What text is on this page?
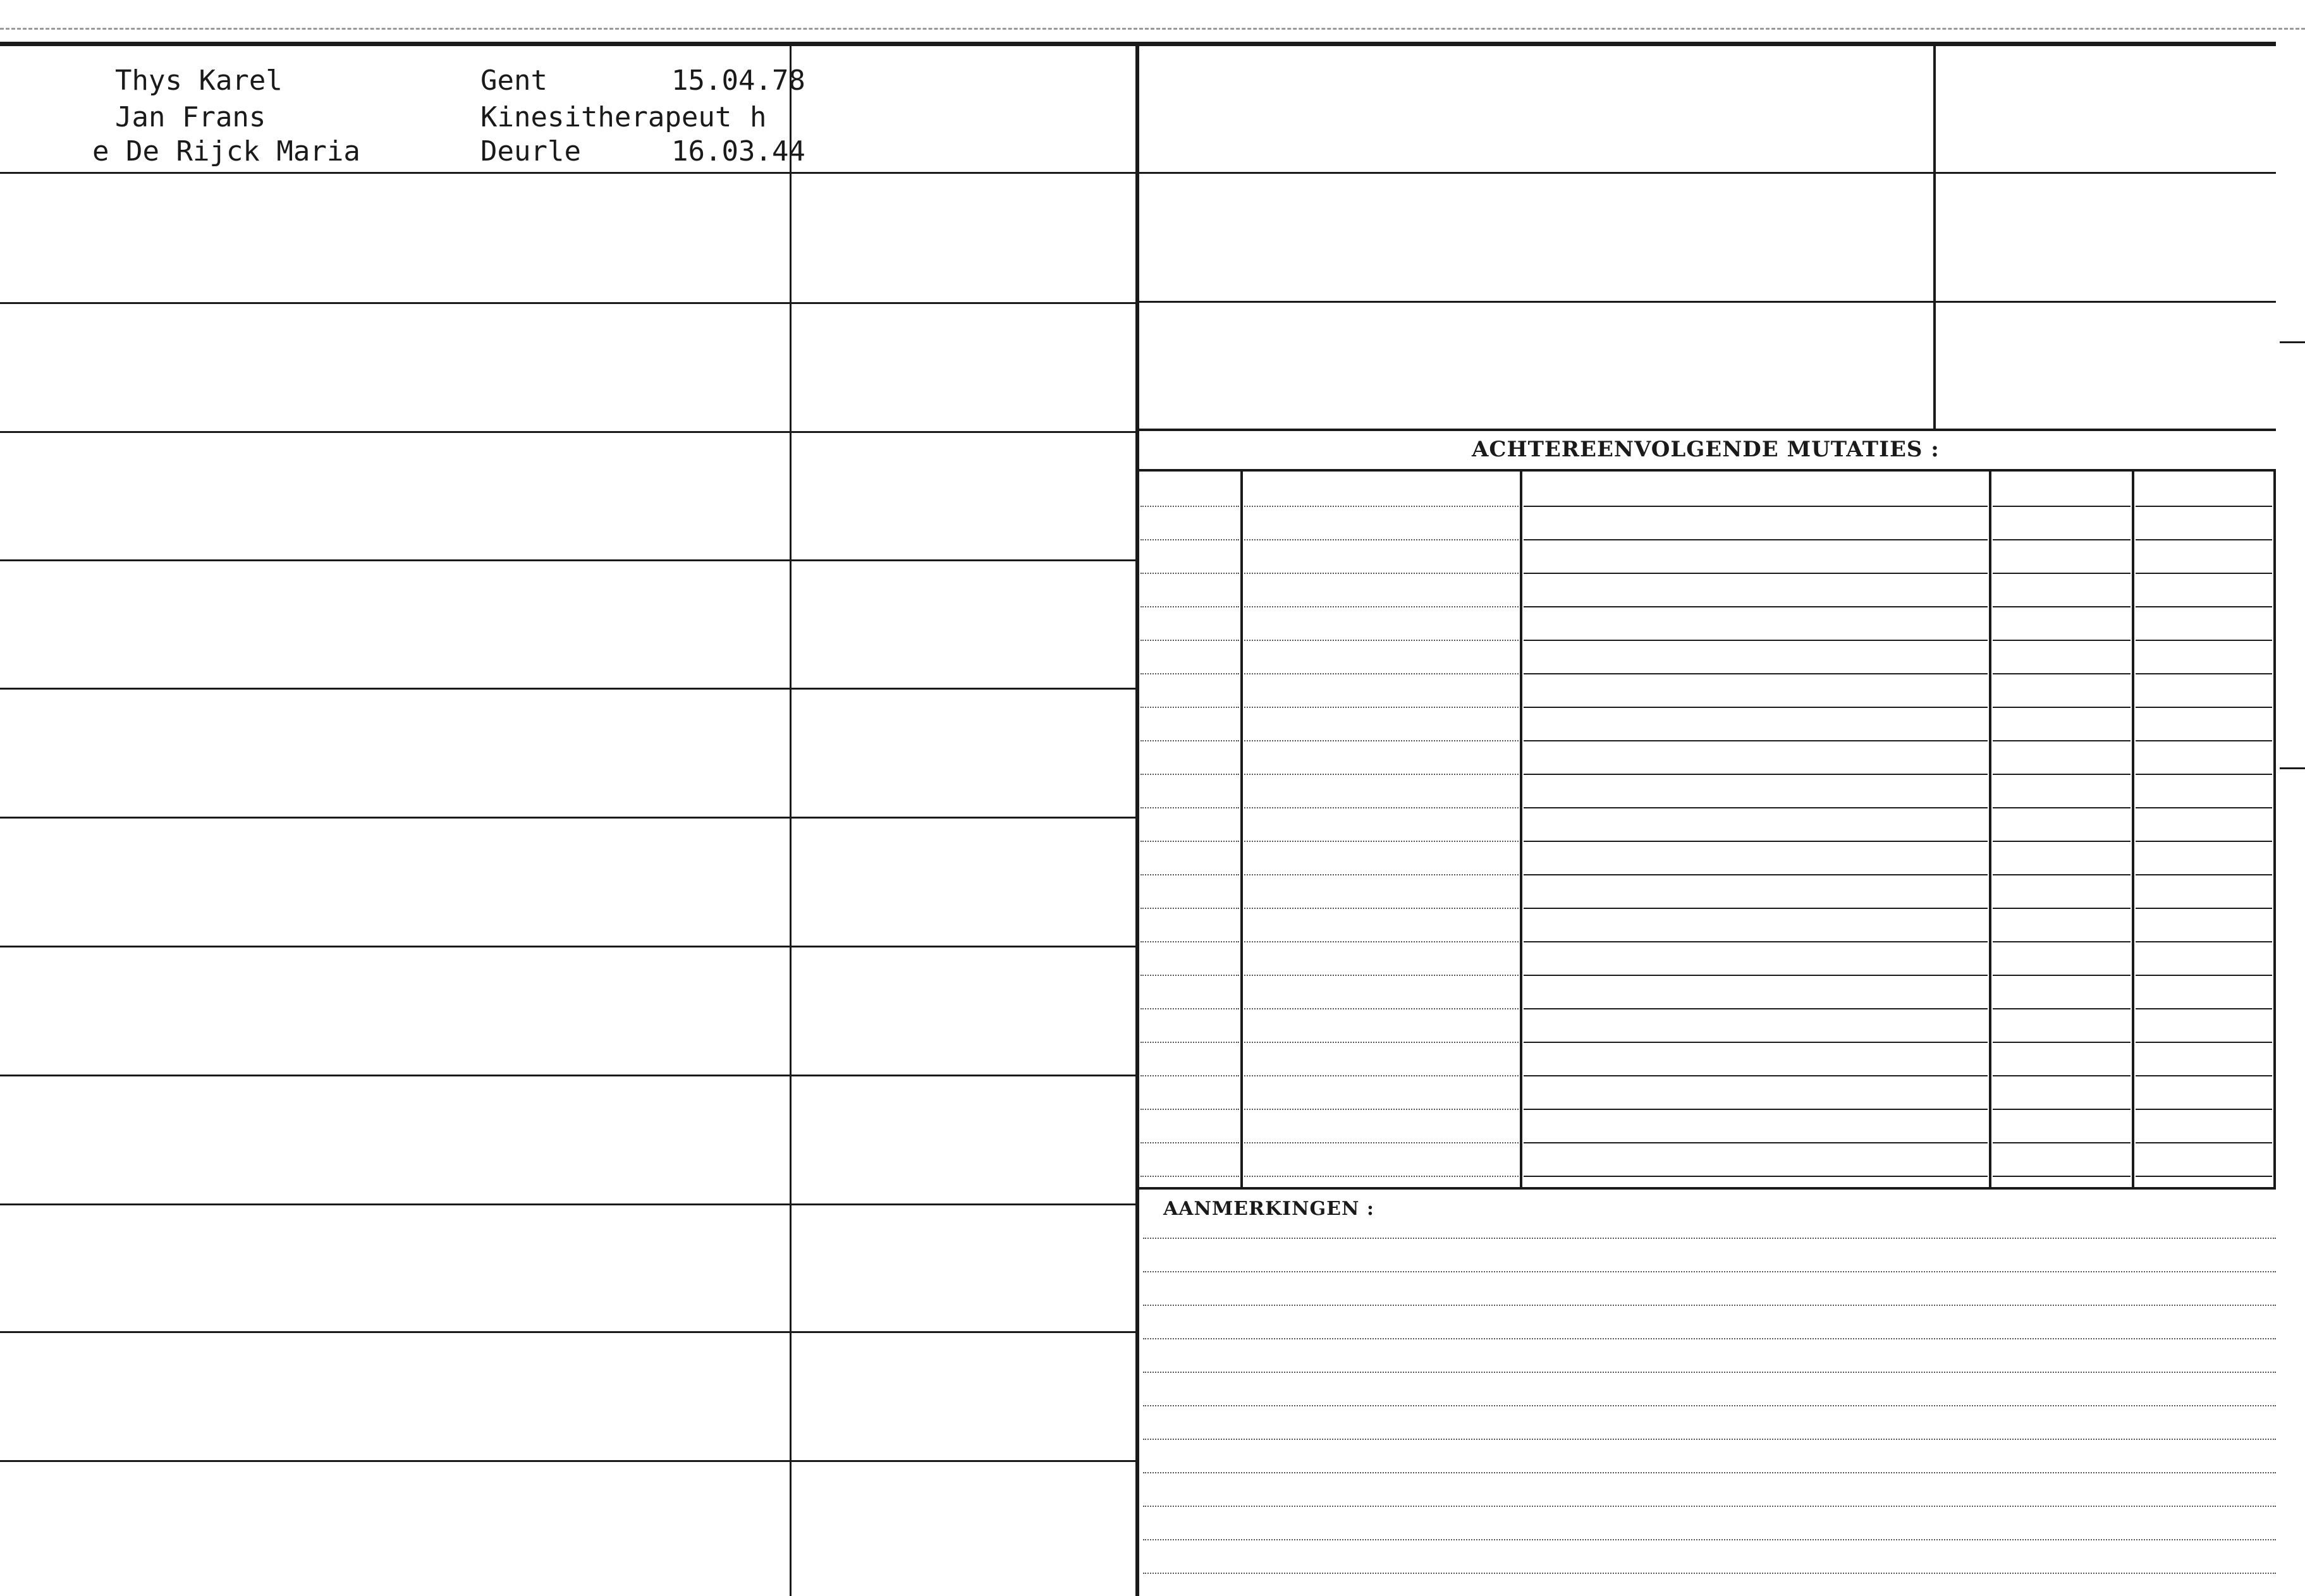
Thys Karel	Gent	15.04.78
Jan Frans	Kinesitherapeut h
e De Rijck Maria	Deurle	16.03.44
ACHTEREENVOLGENDE MUTATIES :
AANMERKINGEN :
